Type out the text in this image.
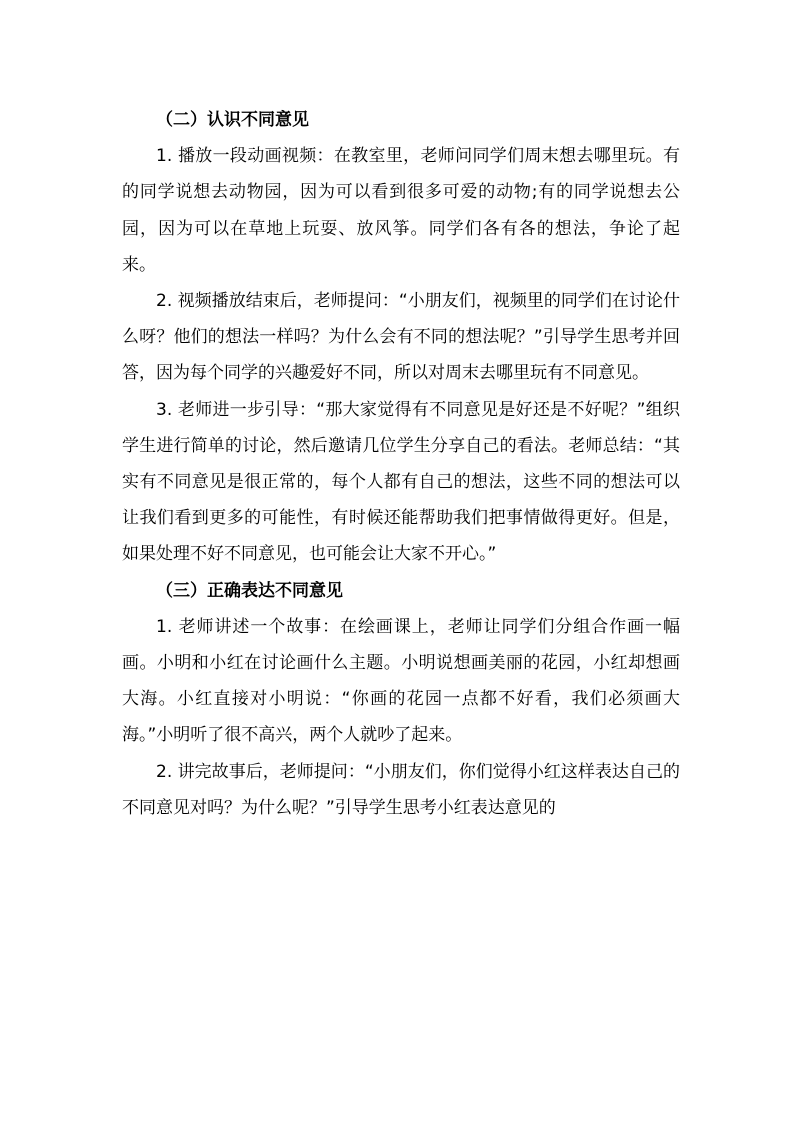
（二）认识不同意见

1. 播放一段动画视频：在教室里，老师问同学们周末想去哪里玩。有的同学说想去动物园，因为可以看到很多可爱的动物;有的同学说想去公园，因为可以在草地上玩耍、放风筝。同学们各有各的想法，争论了起来。

2. 视频播放结束后，老师提问：“小朋友们，视频里的同学们在讨论什么呀？他们的想法一样吗？为什么会有不同的想法呢？”引导学生思考并回答，因为每个同学的兴趣爱好不同，所以对周末去哪里玩有不同意见。

3. 老师进一步引导：“那大家觉得有不同意见是好还是不好呢？”组织学生进行简单的讨论，然后邀请几位学生分享自己的看法。老师总结：“其实有不同意见是很正常的，每个人都有自己的想法，这些不同的想法可以让我们看到更多的可能性，有时候还能帮助我们把事情做得更好。但是，如果处理不好不同意见，也可能会让大家不开心。”

（三）正确表达不同意见

1. 老师讲述一个故事：在绘画课上，老师让同学们分组合作画一幅画。小明和小红在讨论画什么主题。小明说想画美丽的花园，小红却想画大海。小红直接对小明说：“你画的花园一点都不好看，我们必须画大海。”小明听了很不高兴，两个人就吵了起来。

2. 讲完故事后，老师提问：“小朋友们，你们觉得小红这样表达自己的不同意见对吗？为什么呢？”引导学生思考小红表达意见的
